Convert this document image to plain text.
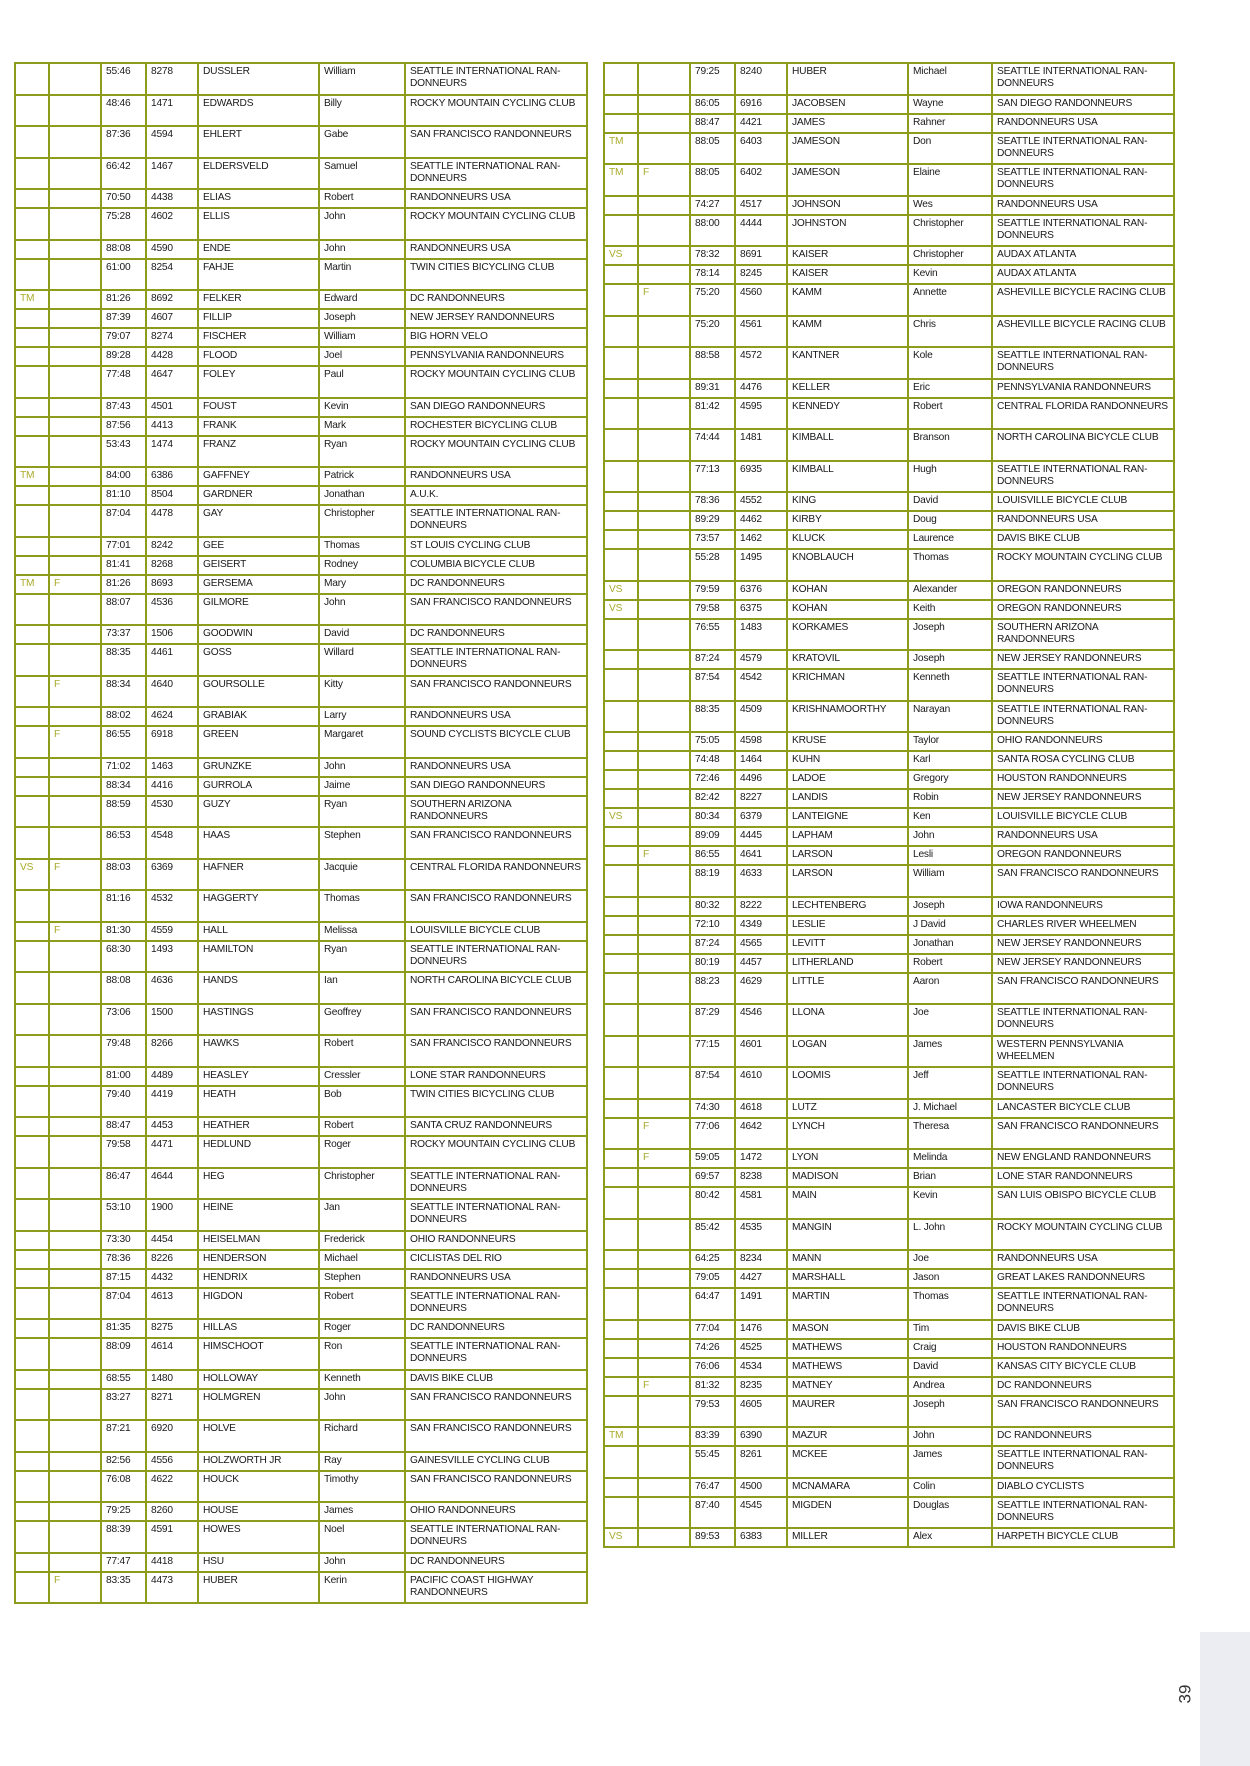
		55:46	8278	DUSSLER	William	SEATTLE INTERNATIONAL RAN-DONNEURS
		48:46	1471	EDWARDS	Billy	ROCKY MOUNTAIN CYCLING CLUB
		87:36	4594	EHLERT	Gabe	SAN FRANCISCO RANDONNEURS
		66:42	1467	ELDERSVELD	Samuel	SEATTLE INTERNATIONAL RAN-DONNEURS
		70:50	4438	ELIAS	Robert	RANDONNEURS USA
		75:28	4602	ELLIS	John	ROCKY MOUNTAIN CYCLING CLUB
		88:08	4590	ENDE	John	RANDONNEURS USA
		61:00	8254	FAHJE	Martin	TWIN CITIES BICYCLING CLUB
TM		81:26	8692	FELKER	Edward	DC RANDONNEURS
		87:39	4607	FILLIP	Joseph	NEW JERSEY RANDONNEURS
		79:07	8274	FISCHER	William	BIG HORN VELO
		89:28	4428	FLOOD	Joel	PENNSYLVANIA RANDONNEURS
		77:48	4647	FOLEY	Paul	ROCKY MOUNTAIN CYCLING CLUB
		87:43	4501	FOUST	Kevin	SAN DIEGO RANDONNEURS
		87:56	4413	FRANK	Mark	ROCHESTER BICYCLING CLUB
		53:43	1474	FRANZ	Ryan	ROCKY MOUNTAIN CYCLING CLUB
TM		84:00	6386	GAFFNEY	Patrick	RANDONNEURS USA
		81:10	8504	GARDNER	Jonathan	A.U.K.
		87:04	4478	GAY	Christopher	SEATTLE INTERNATIONAL RAN-DONNEURS
		77:01	8242	GEE	Thomas	ST LOUIS CYCLING CLUB
		81:41	8268	GEISERT	Rodney	COLUMBIA BICYCLE CLUB
TM	F	81:26	8693	GERSEMA	Mary	DC RANDONNEURS
		88:07	4536	GILMORE	John	SAN FRANCISCO RANDONNEURS
		73:37	1506	GOODWIN	David	DC RANDONNEURS
		88:35	4461	GOSS	Willard	SEATTLE INTERNATIONAL RAN-DONNEURS
	F	88:34	4640	GOURSOLLE	Kitty	SAN FRANCISCO RANDONNEURS
		88:02	4624	GRABIAK	Larry	RANDONNEURS USA
	F	86:55	6918	GREEN	Margaret	SOUND CYCLISTS BICYCLE CLUB
		71:02	1463	GRUNZKE	John	RANDONNEURS USA
		88:34	4416	GURROLA	Jaime	SAN DIEGO RANDONNEURS
		88:59	4530	GUZY	Ryan	SOUTHERN ARIZONA RANDONNEURS
		86:53	4548	HAAS	Stephen	SAN FRANCISCO RANDONNEURS
VS	F	88:03	6369	HAFNER	Jacquie	CENTRAL FLORIDA RANDONNEURS
		81:16	4532	HAGGERTY	Thomas	SAN FRANCISCO RANDONNEURS
	F	81:30	4559	HALL	Melissa	LOUISVILLE BICYCLE CLUB
		68:30	1493	HAMILTON	Ryan	SEATTLE INTERNATIONAL RAN-DONNEURS
		88:08	4636	HANDS	Ian	NORTH CAROLINA BICYCLE CLUB
		73:06	1500	HASTINGS	Geoffrey	SAN FRANCISCO RANDONNEURS
		79:48	8266	HAWKS	Robert	SAN FRANCISCO RANDONNEURS
		81:00	4489	HEASLEY	Cressler	LONE STAR RANDONNEURS
		79:40	4419	HEATH	Bob	TWIN CITIES BICYCLING CLUB
		88:47	4453	HEATHER	Robert	SANTA CRUZ RANDONNEURS
		79:58	4471	HEDLUND	Roger	ROCKY MOUNTAIN CYCLING CLUB
		86:47	4644	HEG	Christopher	SEATTLE INTERNATIONAL RAN-DONNEURS
		53:10	1900	HEINE	Jan	SEATTLE INTERNATIONAL RAN-DONNEURS
		73:30	4454	HEISELMAN	Frederick	OHIO RANDONNEURS
		78:36	8226	HENDERSON	Michael	CICLISTAS DEL RIO
		87:15	4432	HENDRIX	Stephen	RANDONNEURS USA
		87:04	4613	HIGDON	Robert	SEATTLE INTERNATIONAL RAN-DONNEURS
		81:35	8275	HILLAS	Roger	DC RANDONNEURS
		88:09	4614	HIMSCHOOT	Ron	SEATTLE INTERNATIONAL RAN-DONNEURS
		68:55	1480	HOLLOWAY	Kenneth	DAVIS BIKE CLUB
		83:27	8271	HOLMGREN	John	SAN FRANCISCO RANDONNEURS
		87:21	6920	HOLVE	Richard	SAN FRANCISCO RANDONNEURS
		82:56	4556	HOLZWORTH JR	Ray	GAINESVILLE CYCLING CLUB
		76:08	4622	HOUCK	Timothy	SAN FRANCISCO RANDONNEURS
		79:25	8260	HOUSE	James	OHIO RANDONNEURS
		88:39	4591	HOWES	Noel	SEATTLE INTERNATIONAL RAN-DONNEURS
		77:47	4418	HSU	John	DC RANDONNEURS
	F	83:35	4473	HUBER	Kerin	PACIFIC COAST HIGHWAY RANDONNEURS
		79:25	8240	HUBER	Michael	SEATTLE INTERNATIONAL RAN-DONNEURS
		86:05	6916	JACOBSEN	Wayne	SAN DIEGO RANDONNEURS
		88:47	4421	JAMES	Rahner	RANDONNEURS USA
TM		88:05	6403	JAMESON	Don	SEATTLE INTERNATIONAL RAN-DONNEURS
TM	F	88:05	6402	JAMESON	Elaine	SEATTLE INTERNATIONAL RAN-DONNEURS
		74:27	4517	JOHNSON	Wes	RANDONNEURS USA
		88:00	4444	JOHNSTON	Christopher	SEATTLE INTERNATIONAL RAN-DONNEURS
VS		78:32	8691	KAISER	Christopher	AUDAX ATLANTA
		78:14	8245	KAISER	Kevin	AUDAX ATLANTA
	F	75:20	4560	KAMM	Annette	ASHEVILLE BICYCLE RACING CLUB
		75:20	4561	KAMM	Chris	ASHEVILLE BICYCLE RACING CLUB
		88:58	4572	KANTNER	Kole	SEATTLE INTERNATIONAL RAN-DONNEURS
		89:31	4476	KELLER	Eric	PENNSYLVANIA RANDONNEURS
		81:42	4595	KENNEDY	Robert	CENTRAL FLORIDA RANDONNEURS
		74:44	1481	KIMBALL	Branson	NORTH CAROLINA BICYCLE CLUB
		77:13	6935	KIMBALL	Hugh	SEATTLE INTERNATIONAL RAN-DONNEURS
		78:36	4552	KING	David	LOUISVILLE BICYCLE CLUB
		89:29	4462	KIRBY	Doug	RANDONNEURS USA
		73:57	1462	KLUCK	Laurence	DAVIS BIKE CLUB
		55:28	1495	KNOBLAUCH	Thomas	ROCKY MOUNTAIN CYCLING CLUB
VS		79:59	6376	KOHAN	Alexander	OREGON RANDONNEURS
VS		79:58	6375	KOHAN	Keith	OREGON RANDONNEURS
		76:55	1483	KORKAMES	Joseph	SOUTHERN ARIZONA RANDONNEURS
		87:24	4579	KRATOVIL	Joseph	NEW JERSEY RANDONNEURS
		87:54	4542	KRICHMAN	Kenneth	SEATTLE INTERNATIONAL RAN-DONNEURS
		88:35	4509	KRISHNAMOORTHY	Narayan	SEATTLE INTERNATIONAL RAN-DONNEURS
		75:05	4598	KRUSE	Taylor	OHIO RANDONNEURS
		74:48	1464	KUHN	Karl	SANTA ROSA CYCLING CLUB
		72:46	4496	LADOE	Gregory	HOUSTON RANDONNEURS
		82:42	8227	LANDIS	Robin	NEW JERSEY RANDONNEURS
VS		80:34	6379	LANTEIGNE	Ken	LOUISVILLE BICYCLE CLUB
		89:09	4445	LAPHAM	John	RANDONNEURS USA
	F	86:55	4641	LARSON	Lesli	OREGON RANDONNEURS
		88:19	4633	LARSON	William	SAN FRANCISCO RANDONNEURS
		80:32	8222	LECHTENBERG	Joseph	IOWA RANDONNEURS
		72:10	4349	LESLIE	J David	CHARLES RIVER WHEELMEN
		87:24	4565	LEVITT	Jonathan	NEW JERSEY RANDONNEURS
		80:19	4457	LITHERLAND	Robert	NEW JERSEY RANDONNEURS
		88:23	4629	LITTLE	Aaron	SAN FRANCISCO RANDONNEURS
		87:29	4546	LLONA	Joe	SEATTLE INTERNATIONAL RAN-DONNEURS
		77:15	4601	LOGAN	James	WESTERN PENNSYLVANIA WHEELMEN
		87:54	4610	LOOMIS	Jeff	SEATTLE INTERNATIONAL RAN-DONNEURS
		74:30	4618	LUTZ	J. Michael	LANCASTER BICYCLE CLUB
	F	77:06	4642	LYNCH	Theresa	SAN FRANCISCO RANDONNEURS
	F	59:05	1472	LYON	Melinda	NEW ENGLAND RANDONNEURS
		69:57	8238	MADISON	Brian	LONE STAR RANDONNEURS
		80:42	4581	MAIN	Kevin	SAN LUIS OBISPO BICYCLE CLUB
		85:42	4535	MANGIN	L. John	ROCKY MOUNTAIN CYCLING CLUB
		64:25	8234	MANN	Joe	RANDONNEURS USA
		79:05	4427	MARSHALL	Jason	GREAT LAKES RANDONNEURS
		64:47	1491	MARTIN	Thomas	SEATTLE INTERNATIONAL RAN-DONNEURS
		77:04	1476	MASON	Tim	DAVIS BIKE CLUB
		74:26	4525	MATHEWS	Craig	HOUSTON RANDONNEURS
		76:06	4534	MATHEWS	David	KANSAS CITY BICYCLE CLUB
	F	81:32	8235	MATNEY	Andrea	DC RANDONNEURS
		79:53	4605	MAURER	Joseph	SAN FRANCISCO RANDONNEURS
TM		83:39	6390	MAZUR	John	DC RANDONNEURS
		55:45	8261	MCKEE	James	SEATTLE INTERNATIONAL RAN-DONNEURS
		76:47	4500	MCNAMARA	Colin	DIABLO CYCLISTS
		87:40	4545	MIGDEN	Douglas	SEATTLE INTERNATIONAL RAN-DONNEURS
VS		89:53	6383	MILLER	Alex	HARPETH BICYCLE CLUB
39
